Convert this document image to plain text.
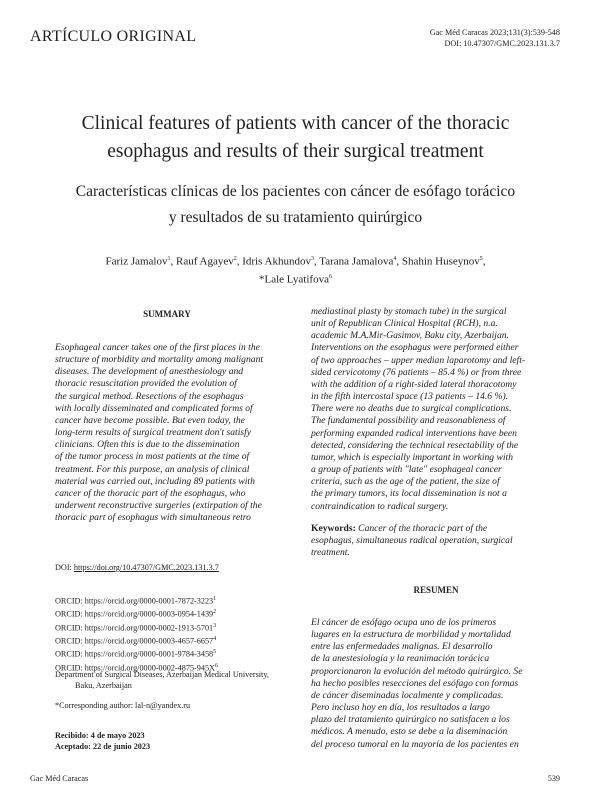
ARTÍCULO ORIGINAL	Gac Méd Caracas 2023;131(3):539-548
DOI: 10.47307/GMC.2023.131.3.7
Clinical features of patients with cancer of the thoracic
esophagus and results of their surgical treatment
Características clínicas de los pacientes con cáncer de esófago torácico
y resultados de su tratamiento quirúrgico
Fariz Jamalov$^1$, Rauf Agayev$^2$, Idris Akhundov$^3$, Tarana Jamalova$^4$, Shahin Huseynov$^5$,
*Lale Lyatifova$^6$
SUMMARY

Esophageal cancer takes one of the first places in the

structure of morbidity and mortality among malignant

diseases. The development of anesthesiology and

thoracic resuscitation provided the evolution of

the surgical method. Resections of the esophagus

with locally disseminated and complicated forms of

cancer have become possible. But even today, the

long-term results of surgical treatment don't satisfy

clinicians. Often this is due to the dissemination

of the tumor process in most patients at the time of

treatment. For this purpose, an analysis of clinical

material was carried out, including 89 patients with

cancer of the thoracic part of the esophagus, who

underwent reconstructive surgeries (extirpation of the

thoracic part of esophagus with simultaneous retro

DOI: https://doi.org/10.47307/GMC.2023.131.3.7
ORCID: https://orcid.org/0000-0001-7872-3223$^1$
ORCID: https://orcid.org/0000-0003-0954-1439$^2$
ORCID: https://orcid.org/0000-0002-1913-5701$^3$
ORCID: https://orcid.org/0000-0003-4657-6657$^4$
ORCID: https://orcid.org/0000-0001-9784-3458$^5$
ORCID: $https://orcid.org/0000-0002-4875-945X^6$
Department of Surgical Diseases, Azerbaijan Medical University,
Baku, Azerbaijan
*Corresponding author: lal-n@yandex.ru
Recibido: 4 de mayo 2023
Aceptado: 22 de junio 2023

mediastinal plasty by stomach tube) in the surgical

unit of Republican Clinical Hospital (RCH), n.a.

academic M.A.Mir-Gasimov, Baku city, Azerbaijan.

Interventions on the esophagus were performed either

of two approaches – upper median laparotomy and left-

sided cervicotomy (76 patients – 85.4 %) or from three

with the addition of a right-sided lateral thoracotomy

in the fifth intercostal space (13 patients – 14.6 %).

There were no deaths due to surgical complications.

The fundamental possibility and reasonableness of

performing expanded radical interventions have been

detected, considering the technical resectability of the

tumor, which is especially important in working with

a group of patients with "late" esophageal cancer

criteria, such as the age of the patient, the size of

the primary tumors, its local dissemination is not a

contraindication to radical surgery.

Keywords: Cancer of the thoracic part of the
esophagus, simultaneous radical operation, surgical
treatment.
RESUMEN

El cáncer de esófago ocupa uno de los primeros

lugares en la estructura de morbilidad y mortalidad

entre las enfermedades malignas. El desarrollo

de la anestesiología y la reanimación torácica

proporcionaron la evolución del método quirúrgico. Se

ha hecho posibles resecciones del esófago con formas

de cáncer diseminadas localmente y complicadas.

Pero incluso hoy en día, los resultados a largo

plazo del tratamiento quirúrgico no satisfacen a los

médicos. A menudo, esto se debe a la diseminación

del proceso tumoral en la mayoría de los pacientes en

Gac Méd Caracas	539
